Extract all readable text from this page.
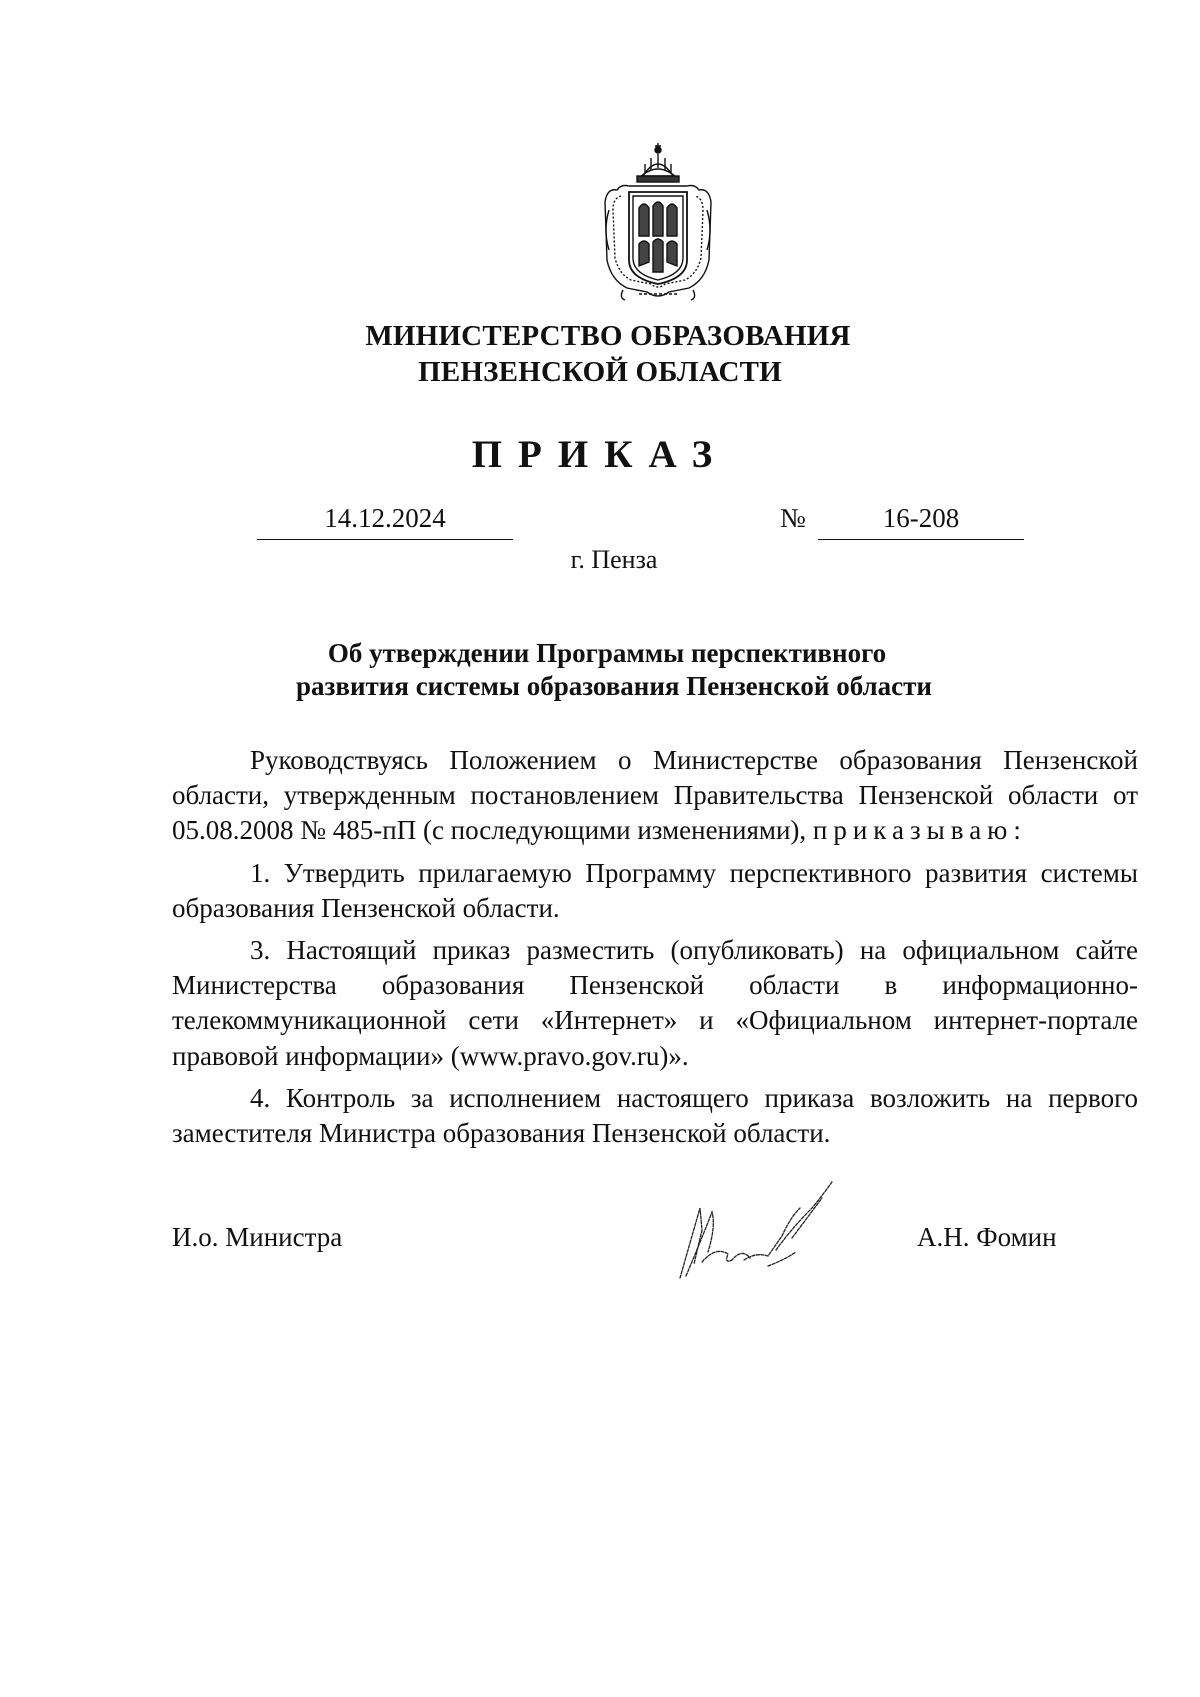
МИНИСТЕРСТВО ОБРАЗОВАНИЯ
ПЕНЗЕНСКОЙ ОБЛАСТИ
ПРИКАЗ
14.12.2024	№	16-208
г. Пенза
Об утверждении Программы перспективного
развития системы образования Пензенской области

Руководствуясь Положением о Министерстве образования Пензенской области, утвержденным постановлением Правительства Пензенской области от 05.08.2008 № 485-пП (с последующими изменениями), приказываю:

1. Утвердить прилагаемую Программу перспективного развития системы образования Пензенской области.

3. Настоящий приказ разместить (опубликовать) на официальном сайте Министерства образования Пензенской области в информационно-телекоммуникационной сети «Интернет» и «Официальном интернет-портале правовой информации» (www.pravo.gov.ru)».

4. Контроль за исполнением настоящего приказа возложить на первого заместителя Министра образования Пензенской области.

И.о. Министра	А.Н. Фомин
